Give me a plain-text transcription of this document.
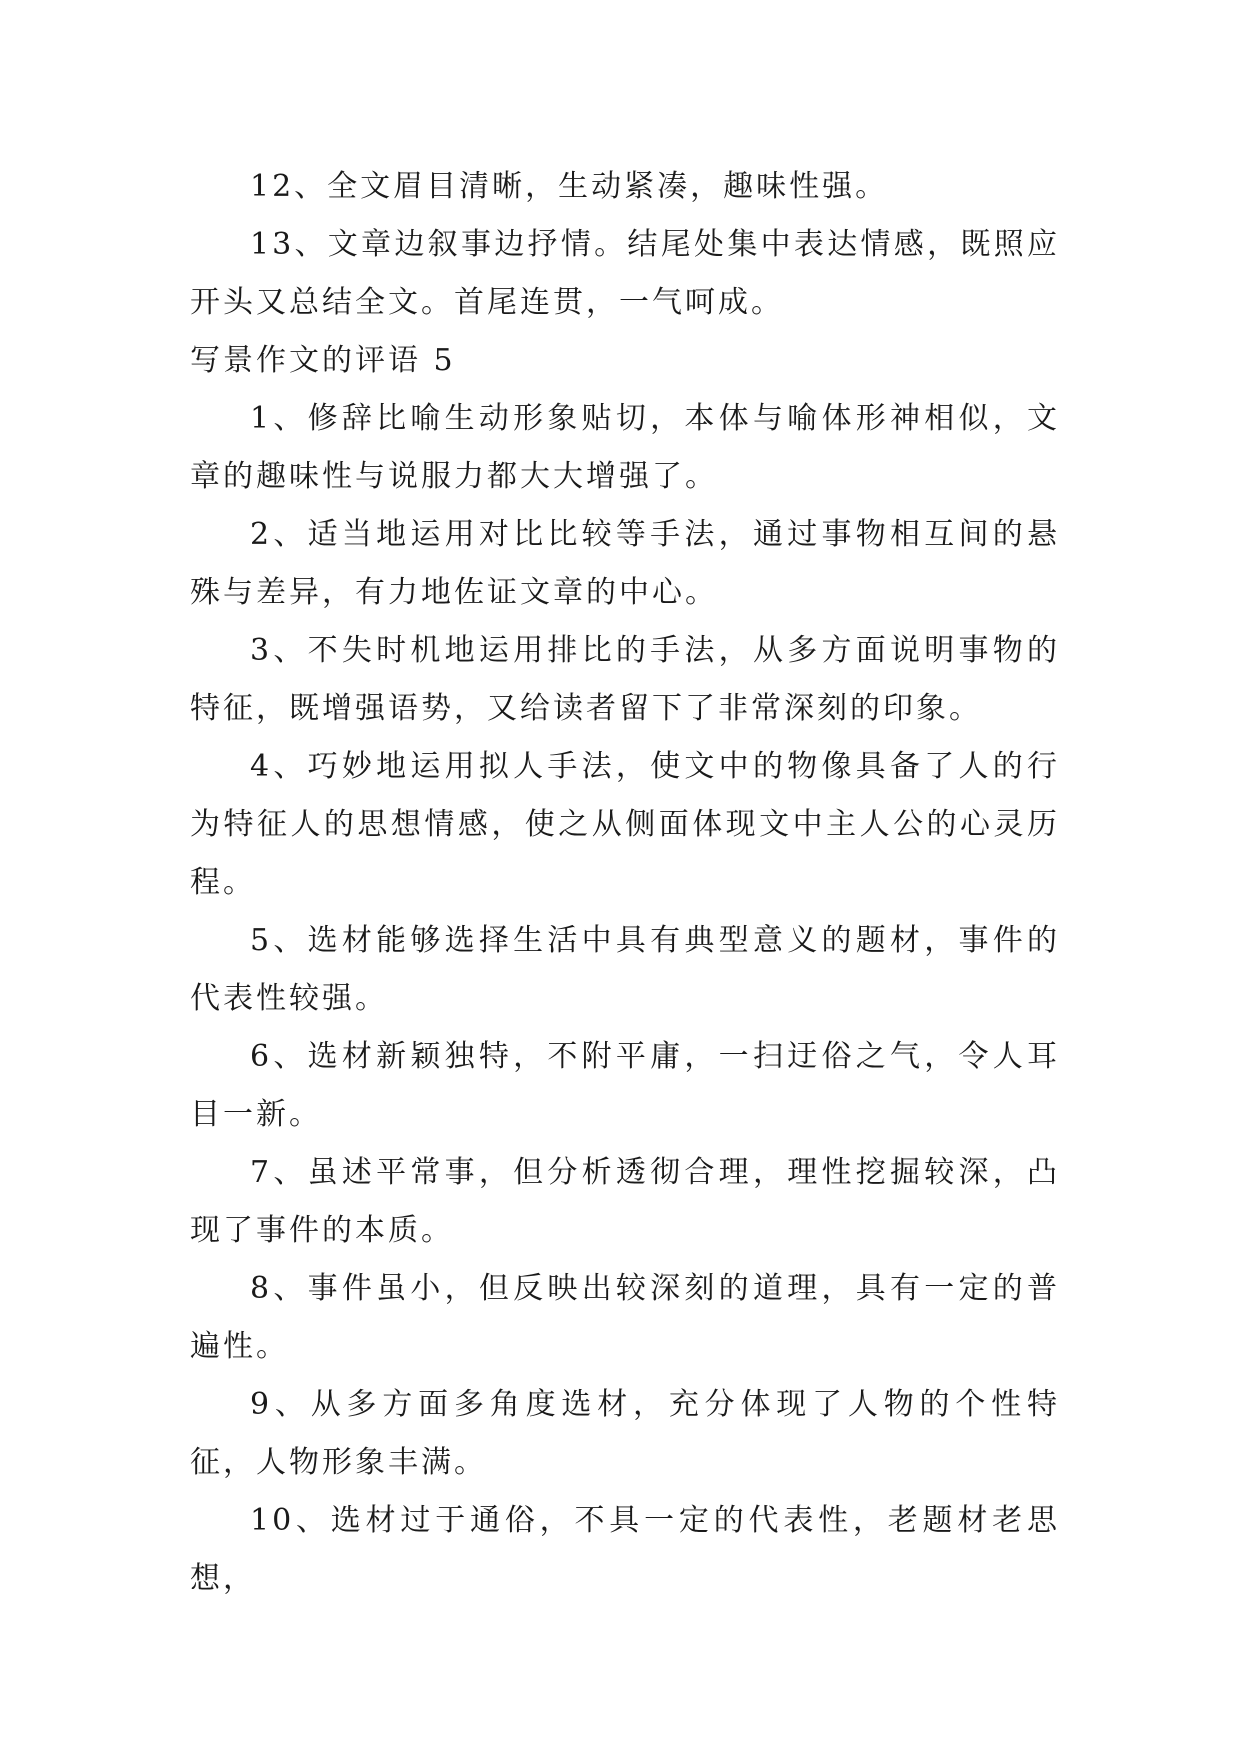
12、全文眉目清晰，生动紧凑，趣味性强。

13、文章边叙事边抒情。结尾处集中表达情感，既照应开头又总结全文。首尾连贯，一气呵成。

写景作文的评语 5

1、修辞比喻生动形象贴切，本体与喻体形神相似，文章的趣味性与说服力都大大增强了。

2、适当地运用对比比较等手法，通过事物相互间的悬殊与差异，有力地佐证文章的中心。

3、不失时机地运用排比的手法，从多方面说明事物的特征，既增强语势，又给读者留下了非常深刻的印象。

4、巧妙地运用拟人手法，使文中的物像具备了人的行为特征人的思想情感，使之从侧面体现文中主人公的心灵历程。

5、选材能够选择生活中具有典型意义的题材，事件的代表性较强。

6、选材新颖独特，不附平庸，一扫迂俗之气，令人耳目一新。

7、虽述平常事，但分析透彻合理，理性挖掘较深，凸现了事件的本质。

8、事件虽小，但反映出较深刻的道理，具有一定的普遍性。

9、从多方面多角度选材，充分体现了人物的个性特征，人物形象丰满。

10、选材过于通俗，不具一定的代表性，老题材老思想，
